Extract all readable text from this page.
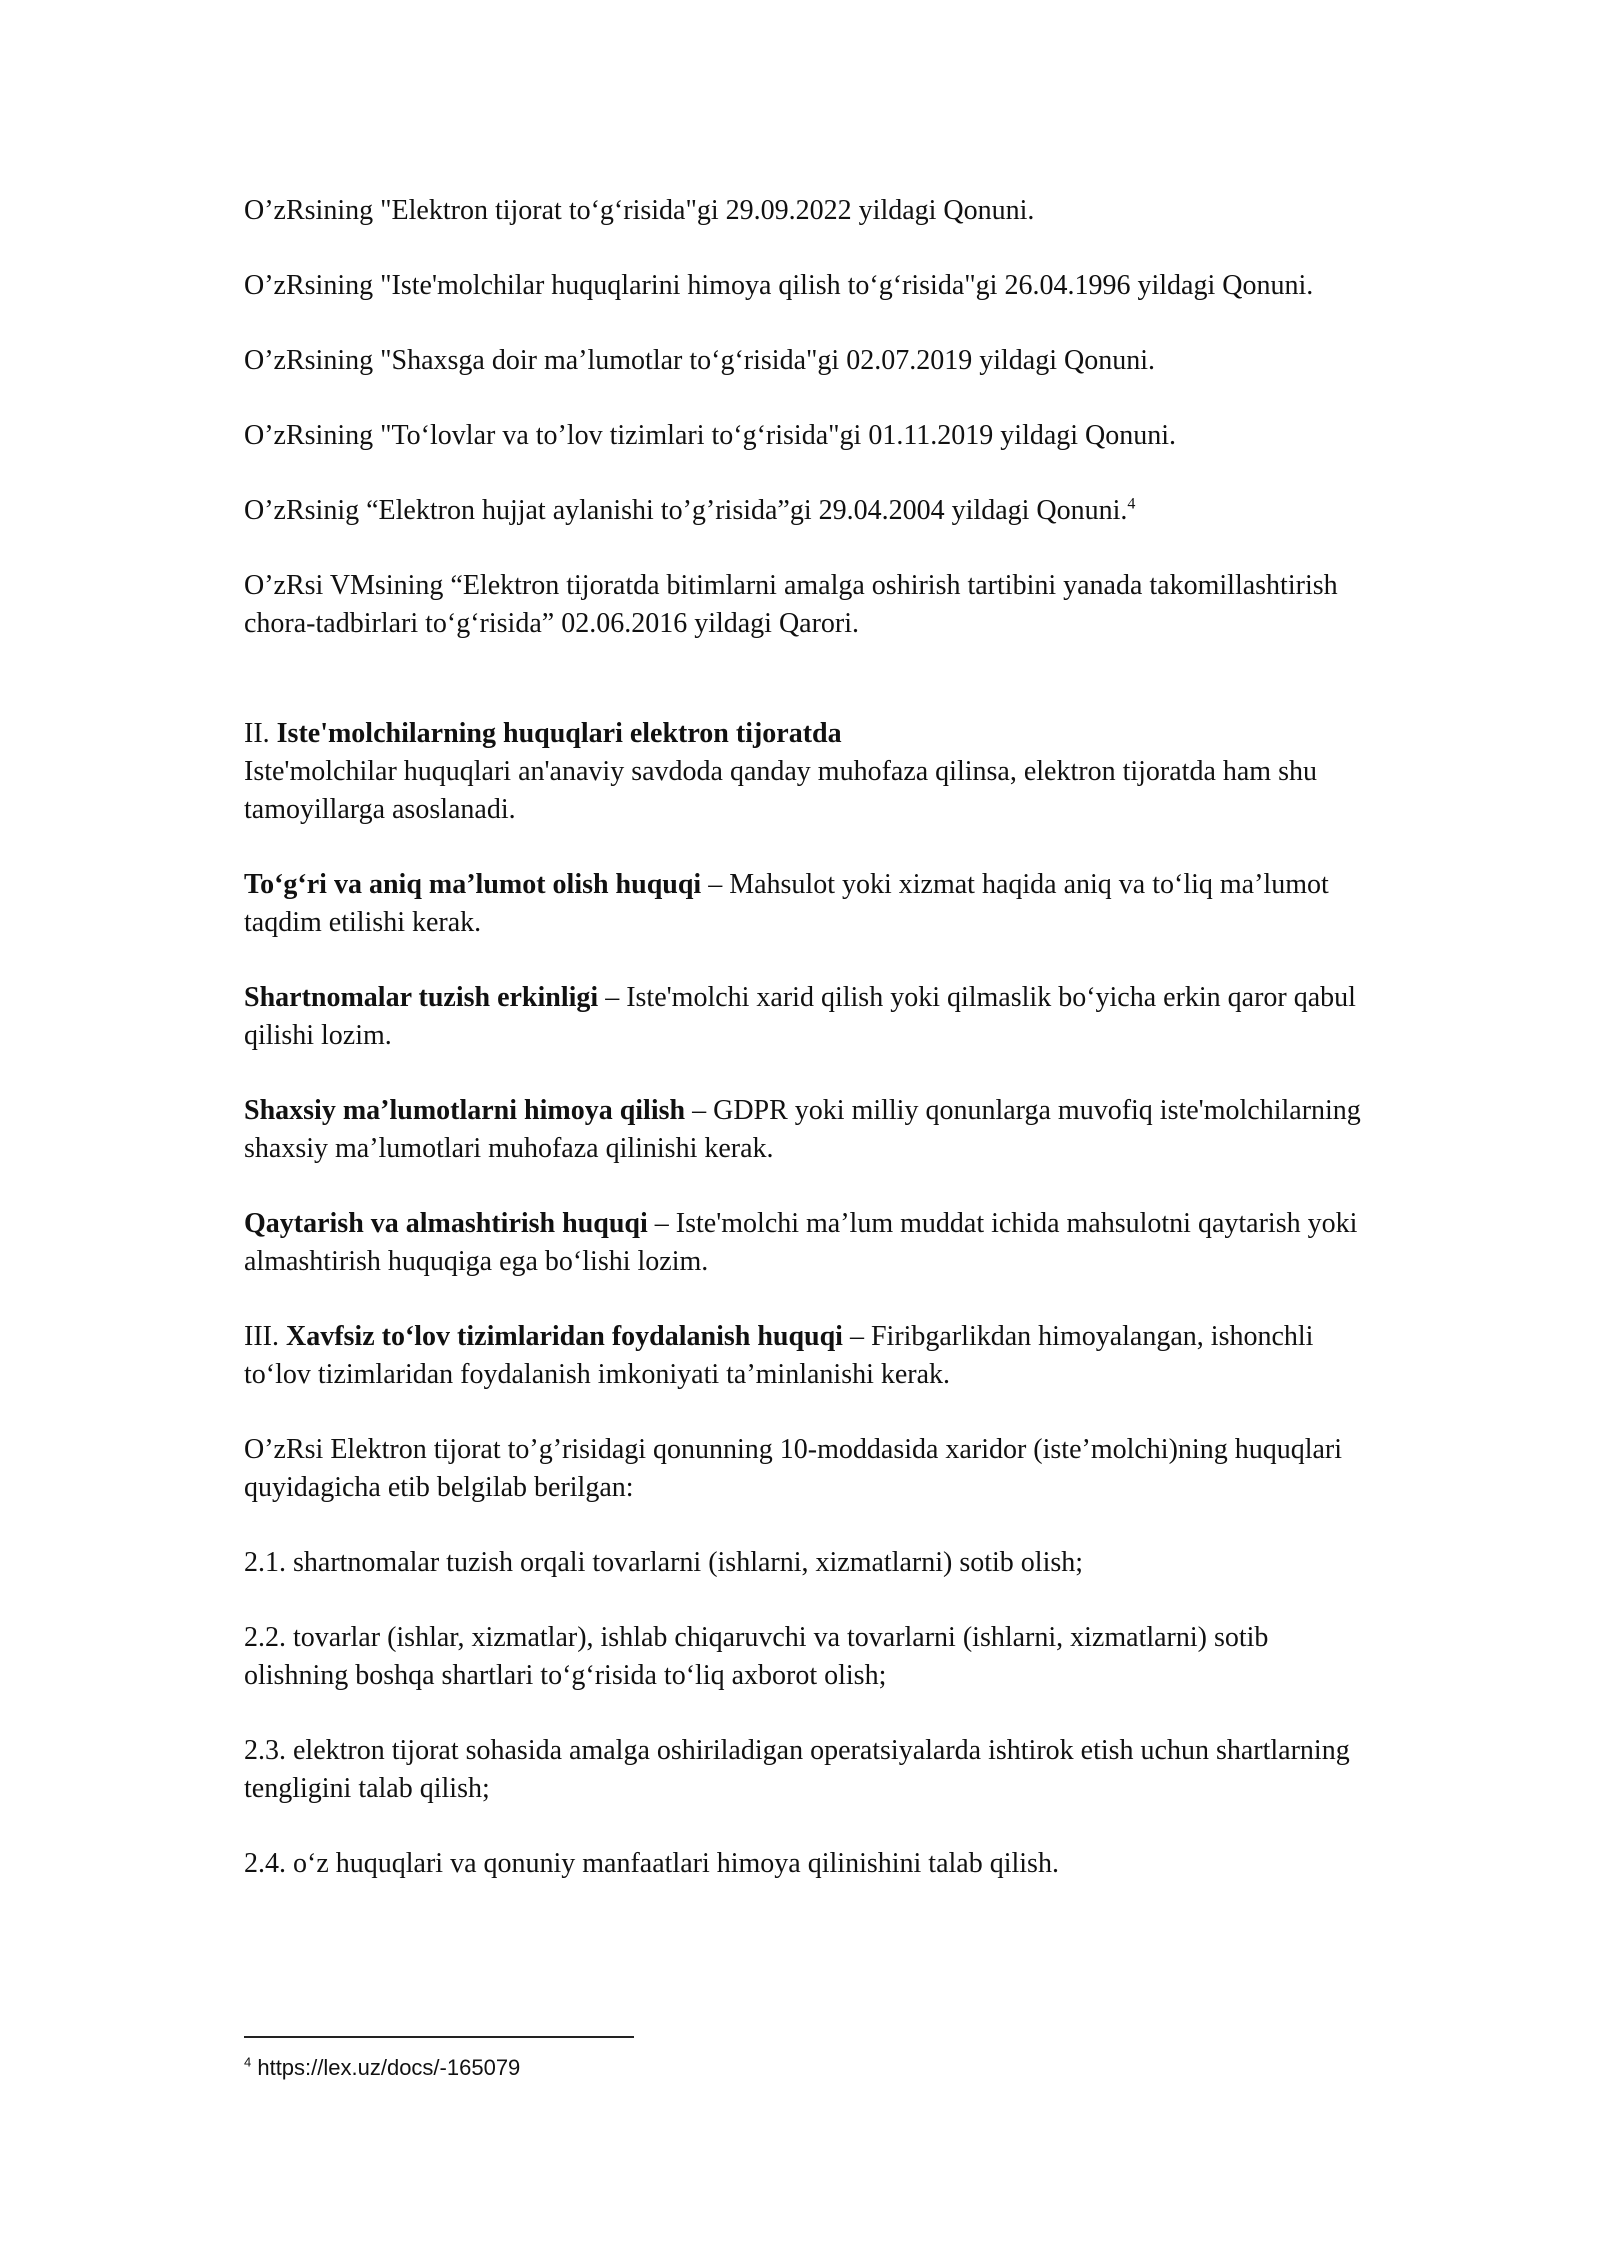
O’zRsining "Elektron tijorat to‘g‘risida"gi 29.09.2022 yildagi Qonuni.

O’zRsining "Iste'molchilar huquqlarini himoya qilish to‘g‘risida"gi 26.04.1996 yildagi Qonuni.

O’zRsining "Shaxsga doir ma’lumotlar to‘g‘risida"gi 02.07.2019 yildagi Qonuni.

O’zRsining "To‘lovlar va to’lov tizimlari to‘g‘risida"gi 01.11.2019 yildagi Qonuni.

O’zRsinig “Elektron hujjat aylanishi to’g’risida”gi 29.04.2004 yildagi Qonuni.$^4$

O’zRsi VMsining “Elektron tijoratda bitimlarni amalga oshirish tartibini yanada takomillashtirish chora-tadbirlari to‘g‘risida” 02.06.2016 yildagi Qarori.

II. Iste'molchilarning huquqlari elektron tijoratda

Iste'molchilar huquqlari an'anaviy savdoda qanday muhofaza qilinsa, elektron tijoratda ham shu tamoyillarga asoslanadi.

To‘g‘ri va aniq ma’lumot olish huquqi – Mahsulot yoki xizmat haqida aniq va to‘liq ma’lumot taqdim etilishi kerak.

Shartnomalar tuzish erkinligi – Iste'molchi xarid qilish yoki qilmaslik bo‘yicha erkin qaror qabul qilishi lozim.

Shaxsiy ma’lumotlarni himoya qilish – GDPR yoki milliy qonunlarga muvofiq iste'molchilarning shaxsiy ma’lumotlari muhofaza qilinishi kerak.

Qaytarish va almashtirish huquqi – Iste'molchi ma’lum muddat ichida mahsulotni qaytarish yoki almashtirish huquqiga ega bo‘lishi lozim.

III. Xavfsiz to‘lov tizimlaridan foydalanish huquqi – Firibgarlikdan himoyalangan, ishonchli to‘lov tizimlaridan foydalanish imkoniyati ta’minlanishi kerak.

O’zRsi Elektron tijorat to’g’risidagi qonunning 10-moddasida xaridor (iste’molchi)ning huquqlari quyidagicha etib belgilab berilgan:

2.1. shartnomalar tuzish orqali tovarlarni (ishlarni, xizmatlarni) sotib olish;

2.2. tovarlar (ishlar, xizmatlar), ishlab chiqaruvchi va tovarlarni (ishlarni, xizmatlarni) sotib olishning boshqa shartlari to‘g‘risida to‘liq axborot olish;

2.3. elektron tijorat sohasida amalga oshiriladigan operatsiyalarda ishtirok etish uchun shartlarning tengligini talab qilish;

2.4. o‘z huquqlari va qonuniy manfaatlari himoya qilinishini talab qilish.

$^4$ https://lex.uz/docs/-165079
